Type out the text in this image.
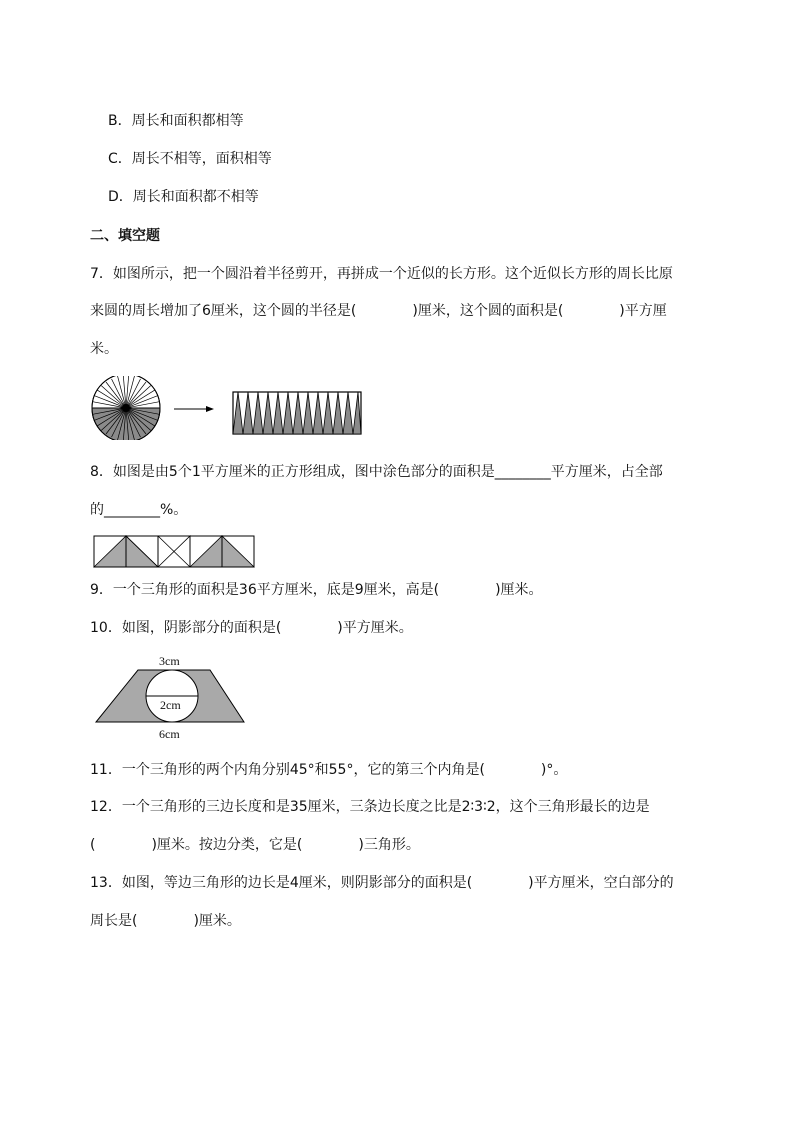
B．周长和面积都相等
C．周长不相等，面积相等
D．周长和面积都不相等
二、填空题
7．如图所示，把一个圆沿着半径剪开，再拼成一个近似的长方形。这个近似长方形的周长比原
来圆的周长增加了6厘米，这个圆的半径是(　　　　)厘米，这个圆的面积是(　　　　)平方厘
米。
8．如图是由5个1平方厘米的正方形组成，图中涂色部分的面积是________平方厘米，占全部
的________%。
9．一个三角形的面积是36平方厘米，底是9厘米，高是(　　　　)厘米。
10．如图，阴影部分的面积是(　　　　)平方厘米。
3cm
2cm
6cm
11．一个三角形的两个内角分别45°和55°，它的第三个内角是(　　　　)°。
12．一个三角形的三边长度和是35厘米，三条边长度之比是2∶3∶2，这个三角形最长的边是
(　　　　)厘米。按边分类，它是(　　　　)三角形。
13．如图，等边三角形的边长是4厘米，则阴影部分的面积是(　　　　)平方厘米，空白部分的
周长是(　　　　)厘米。
